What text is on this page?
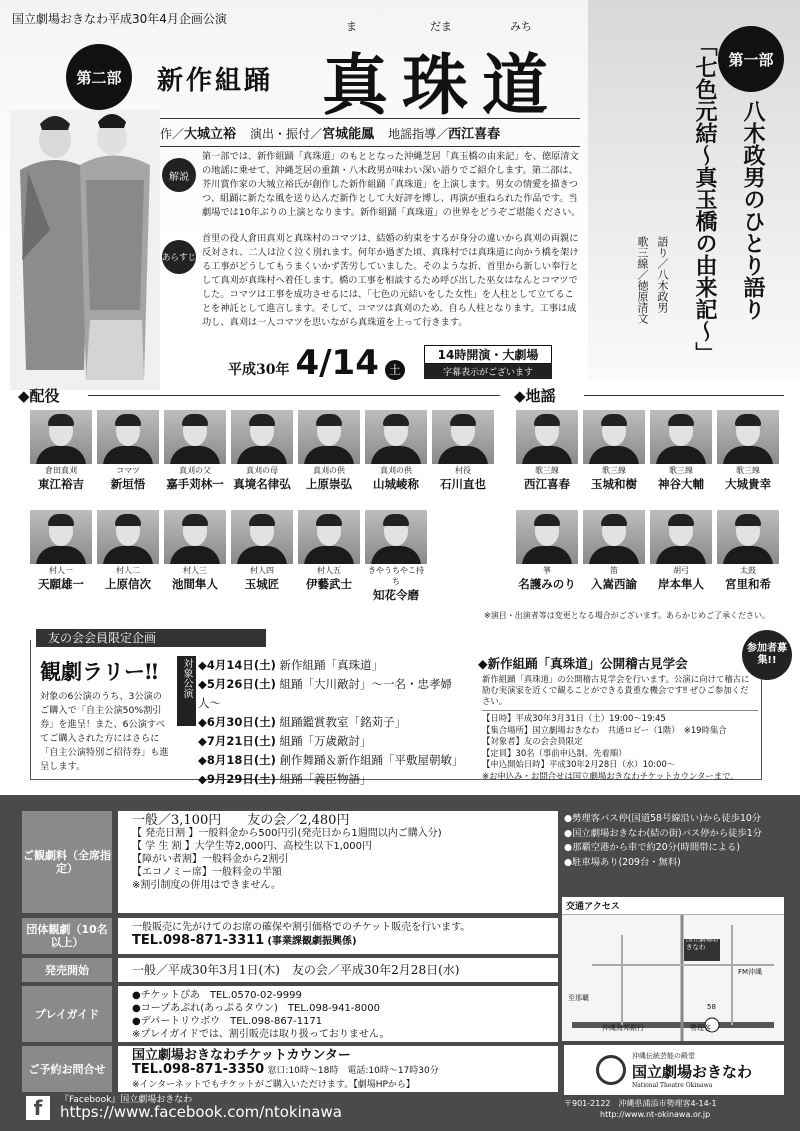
国立劇場おきなわ平成30年4月企画公演
第二部
第一部
新作組踊
ま	だま	みち
真珠道
作／大城立裕 演出・振付／宮城能鳳 地謡指導／西江喜春
解説
第一部では、新作組踊「真珠道」のもととなった沖縄芝居「真玉橋の由来記」を、徳原清文の地謡に乗せて、沖縄芝居の重鎮・八木政男が味わい深い語りでご紹介します。第二部は、芥川賞作家の大城立裕氏が創作した新作組踊「真珠道」を上演します。男女の情愛を描きつつ、組踊に新たな風を送り込んだ新作として大好評を博し、再演が重ねられた作品です。当劇場では10年ぶりの上演となります。新作組踊「真珠道」の世界をどうぞご堪能ください。
あらすじ
首里の役人倉田真刈と真珠村のコマツは、結婚の約束をするが身分の違いから真刈の両親に反対され、二人は泣く泣く別れます。何年か過ぎた頃、真珠村では真珠道に向かう橋を架ける工事がどうしてもうまくいかず苦労していました。そのような折、首里から新しい奉行として真刈が真珠村へ着任します。橋の工事を相談するため呼び出した巫女はなんとコマツでした。コマツは工事を成功させるには、「七色の元結いをした女性」を人柱として立てることを神託として進言します。そして、コマツは真刈のため、自ら人柱となります。工事は成功し、真刈は一人コマツを思いながら真珠道を上って行きます。
八木政男のひとり語り
「七色元結〜真玉橋の由来記〜」
語り／八木政男
歌三線／徳原清文
平成30年 4/14 土
14時開演・大劇場
字幕表示がございます
◆配役	◆地謡
倉田真刈
東江裕吉
コマツ
新垣悟
真刈の父
嘉手苅林一
真刈の母
真境名律弘
真刈の供
上原崇弘
真刈の供
山城崚称
村役
石川直也
村人一
天願雄一
村人二
上原信次
村人三
池間隼人
村人四
玉城匠
村人五
伊藝武士
きやうちやこ持ち
知花令磨
歌三線
西江喜春
歌三線
玉城和樹
歌三線
神谷大輔
歌三線
大城貴幸
箏
名護みのり
笛
入嵩西諭
胡弓
岸本隼人
太鼓
宮里和希
※演目・出演者等は変更となる場合がございます。あらかじめご了承ください。
友の会会員限定企画
観劇ラリー‼
対象の6公演のうち、3公演のご購入で「自主公演50%割引券」を進呈！また、6公演すべてご購入された方にはさらに「自主公演特別ご招待券」も進呈します。
対象公演 ◆4月14日(土) 新作組踊「真珠道」
◆5月26日(土) 組踊「大川敵討」〜一名・忠孝婦人〜
◆6月30日(土) 組踊鑑賞教室「銘苅子」
◆7月21日(土) 組踊「万歳敵討」
◆8月18日(土) 創作舞踊＆新作組踊「平敷屋朝敏」
◆9月29日(土) 組踊「義臣物語」
参加者募集!!
◆新作組踊「真珠道」公開稽古見学会
新作組踊「真珠道」の公開稽古見学会を行います。公演に向けて稽古に励む実演家を近くで観ることができる貴重な機会です‼ ぜひご参加ください。
【日時】平成30年3月31日（土）19:00〜19:45
【集合場所】国立劇場おきなわ　共通ロビー（1階）　※19時集合
【対象者】友の会会員限定
【定員】30名（事前申込制、先着順）
【申込開始日時】平成30年2月28日（水）10:00〜
※お申込み・お問合せは国立劇場おきなわチケットカウンターまで。
ご観劇料（全席指定）
一般／3,100円　　 友の会／2,480円
【 発売日割 】一般料金から500円引(発売日から1週間以内ご購入分)
【 学 生 割 】大学生等2,000円、高校生以下1,000円
【障がい者割】一般料金から2割引
【エコノミー席】一般料金の半額
※割引制度の併用はできません。
団体観劇（10名以上）
一般販売に先がけてのお席の確保や割引価格でのチケット販売を行います。
TEL.098-871-3311 (事業課観劇振興係)
発売開始	一般／平成30年3月1日(木)　友の会／平成30年2月28日(水)
プレイガイド
●チケットぴあ　TEL.0570-02-9999
●コープあぷれ(あっぷるタウン)　TEL.098-941-8000
●デパートリウボウ　TEL.098-867-1171
※プレイガイドでは、割引販売は取り扱っておりません。
ご予約お問合せ
国立劇場おきなわチケットカウンター
TEL.098-871-3350 窓口:10時〜18時　電話:10時〜17時30分
※インターネットでもチケットがご購入いただけます。【劇場HPから】
f	『Facebook』国立劇場おきなわ
https://www.facebook.com/ntokinawa
●勢理客バス停(国道58号線沿い)から徒歩10分
●国立劇場おきなわ(結の街)バス停から徒歩1分
●那覇空港から車で約20分(時間帯による)
●駐車場あり(209台・無料)
交通アクセス
至那覇
58
FM沖縄
勢理客
沖縄海邦銀行
国立劇場おきなわ
沖縄伝統芸能の殿堂
国立劇場おきなわ
National Theatre Okinawa
〒901-2122　沖縄県浦添市勢理客4-14-1
http://www.nt-okinawa.or.jp
